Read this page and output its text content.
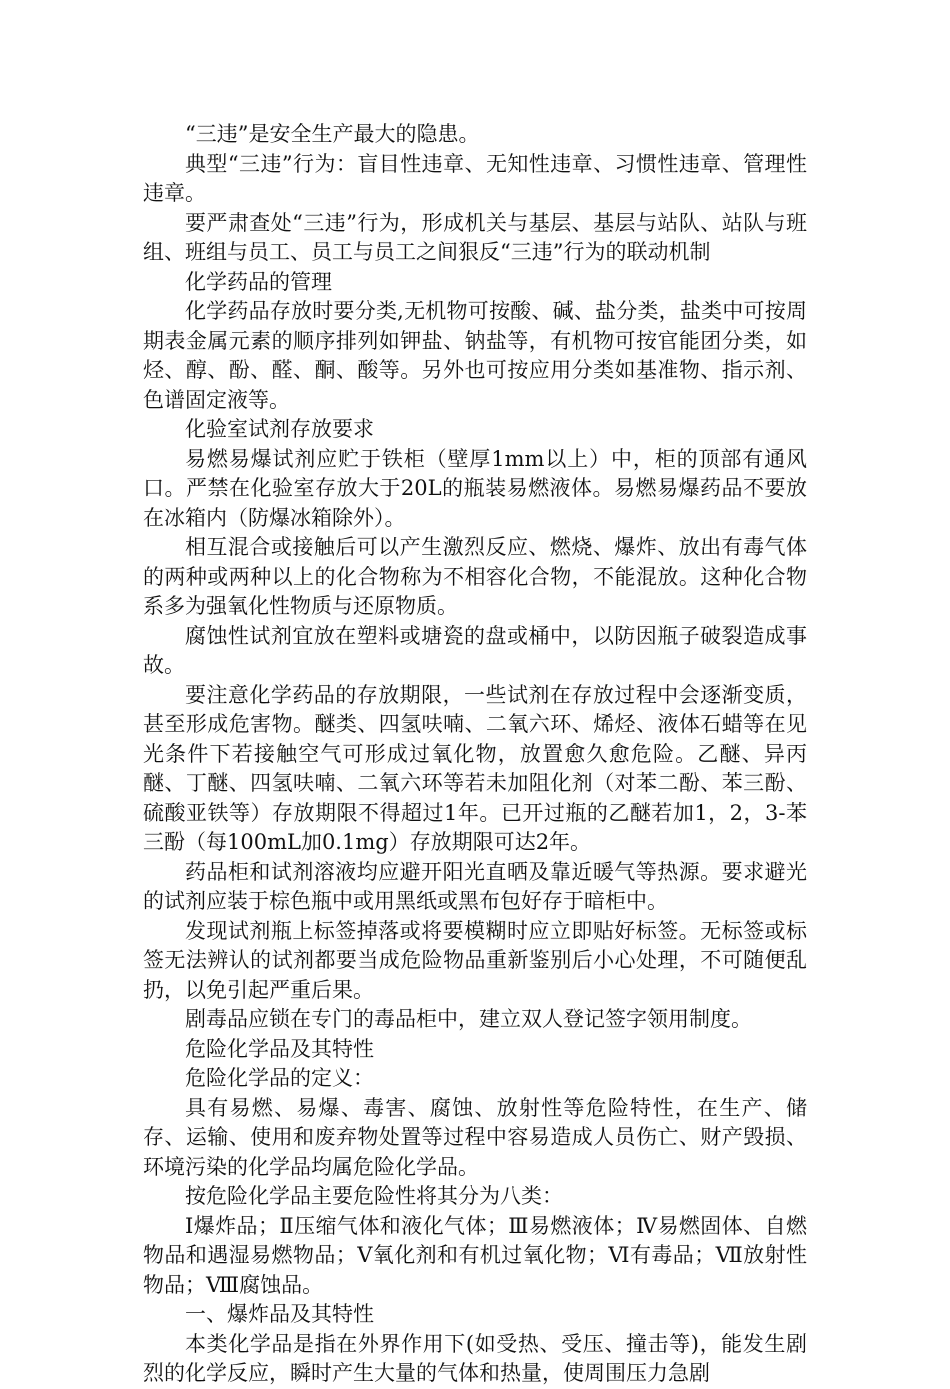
“三违”是安全生产最大的隐患。

典型“三违”行为：盲目性违章、无知性违章、习惯性违章、管理性违章。

要严肃查处“三违”行为，形成机关与基层、基层与站队、站队与班组、班组与员工、员工与员工之间狠反“三违”行为的联动机制

化学药品的管理

化学药品存放时要分类,无机物可按酸、碱、盐分类，盐类中可按周期表金属元素的顺序排列如钾盐、钠盐等，有机物可按官能团分类，如烃、醇、酚、醛、酮、酸等。另外也可按应用分类如基准物、指示剂、色谱固定液等。

化验室试剂存放要求

易燃易爆试剂应贮于铁柜（壁厚1mm以上）中，柜的顶部有通风口。严禁在化验室存放大于20L的瓶装易燃液体。易燃易爆药品不要放在冰箱内（防爆冰箱除外）。

相互混合或接触后可以产生激烈反应、燃烧、爆炸、放出有毒气体的两种或两种以上的化合物称为不相容化合物，不能混放。这种化合物系多为强氧化性物质与还原物质。

腐蚀性试剂宜放在塑料或塘瓷的盘或桶中，以防因瓶子破裂造成事故。

要注意化学药品的存放期限，一些试剂在存放过程中会逐渐变质，甚至形成危害物。醚类、四氢呋喃、二氧六环、烯烃、液体石蜡等在见光条件下若接触空气可形成过氧化物，放置愈久愈危险。乙醚、异丙醚、丁醚、四氢呋喃、二氧六环等若未加阻化剂（对苯二酚、苯三酚、硫酸亚铁等）存放期限不得超过1年。已开过瓶的乙醚若加1，2，3-苯三酚（每100mL加0.1mg）存放期限可达2年。

药品柜和试剂溶液均应避开阳光直晒及靠近暖气等热源。要求避光的试剂应装于棕色瓶中或用黑纸或黑布包好存于暗柜中。

发现试剂瓶上标签掉落或将要模糊时应立即贴好标签。无标签或标签无法辨认的试剂都要当成危险物品重新鉴别后小心处理，不可随便乱扔，以免引起严重后果。

剧毒品应锁在专门的毒品柜中，建立双人登记签字领用制度。

危险化学品及其特性

危险化学品的定义：

具有易燃、易爆、毒害、腐蚀、放射性等危险特性，在生产、储存、运输、使用和废弃物处置等过程中容易造成人员伤亡、财产毁损、环境污染的化学品均属危险化学品。

按危险化学品主要危险性将其分为八类：

Ⅰ爆炸品；Ⅱ压缩气体和液化气体；Ⅲ易燃液体；Ⅳ易燃固体、自燃物品和遇湿易燃物品；Ⅴ氧化剂和有机过氧化物；Ⅵ有毒品；Ⅶ放射性物品；Ⅷ腐蚀品。

一、爆炸品及其特性

本类化学品是指在外界作用下(如受热、受压、撞击等)，能发生剧烈的化学反应，瞬时产生大量的气体和热量，使周围压力急剧
